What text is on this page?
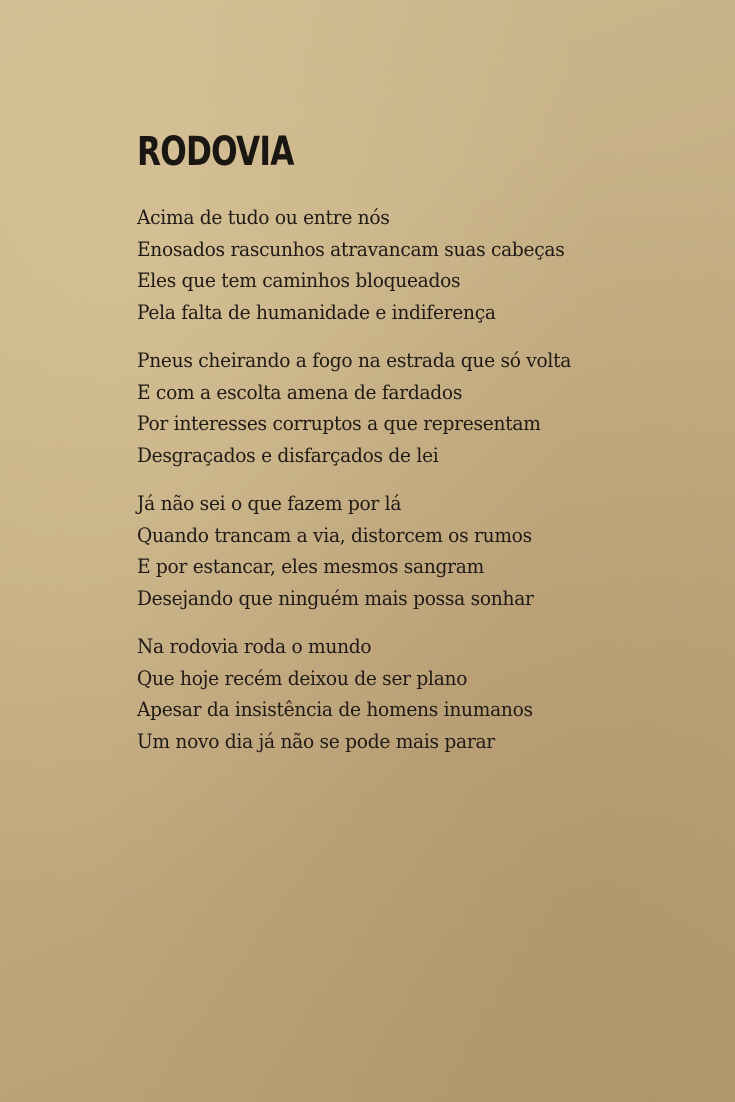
RODOVIA
Acima de tudo ou entre nós
Enosados rascunhos atravancam suas cabeças
Eles que tem caminhos bloqueados
Pela falta de humanidade e indiferença
Pneus cheirando a fogo na estrada que só volta
E com a escolta amena de fardados
Por interesses corruptos a que representam
Desgraçados e disfarçados de lei
Já não sei o que fazem por lá
Quando trancam a via, distorcem os rumos
E por estancar, eles mesmos sangram
Desejando que ninguém mais possa sonhar
Na rodovia roda o mundo
Que hoje recém deixou de ser plano
Apesar da insistência de homens inumanos
Um novo dia já não se pode mais parar
